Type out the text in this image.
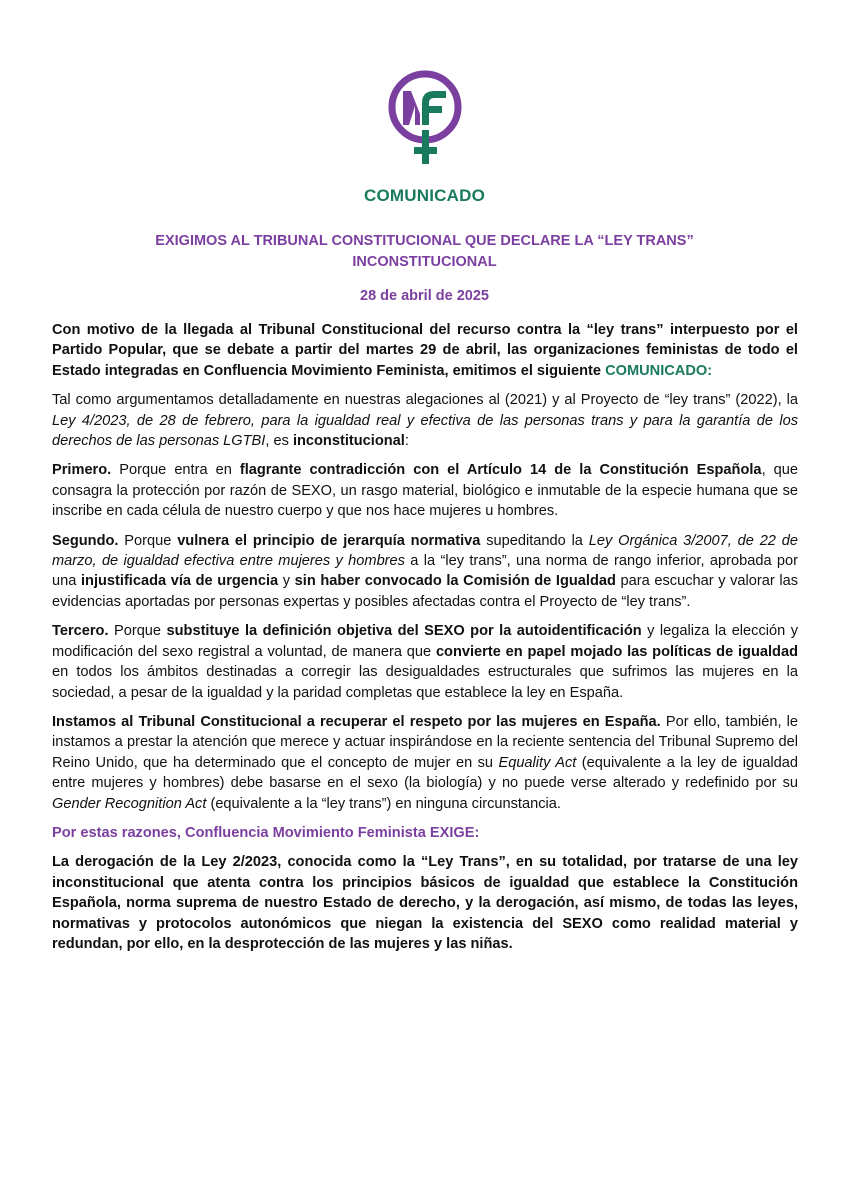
COMUNICADO
EXIGIMOS AL TRIBUNAL CONSTITUCIONAL QUE DECLARE LA “LEY TRANS”
INCONSTITUCIONAL
28 de abril de 2025

Con motivo de la llegada al Tribunal Constitucional del recurso contra la “ley trans” interpuesto por el Partido Popular, que se debate a partir del martes 29 de abril, las organizaciones feministas de todo el Estado integradas en Confluencia Movimiento Feminista, emitimos el siguiente COMUNICADO:

Tal como argumentamos detalladamente en nuestras alegaciones al (2021) y al Proyecto de “ley trans” (2022), la Ley 4/2023, de 28 de febrero, para la igualdad real y efectiva de las personas trans y para la garantía de los derechos de las personas LGTBI, es inconstitucional:

Primero. Porque entra en flagrante contradicción con el Artículo 14 de la Constitución Española, que consagra la protección por razón de SEXO, un rasgo material, biológico e inmutable de la especie humana que se inscribe en cada célula de nuestro cuerpo y que nos hace mujeres u hombres.

Segundo. Porque vulnera el principio de jerarquía normativa supeditando la Ley Orgánica 3/2007, de 22 de marzo, de igualdad efectiva entre mujeres y hombres a la “ley trans”, una norma de rango inferior, aprobada por una injustificada vía de urgencia y sin haber convocado la Comisión de Igualdad para escuchar y valorar las evidencias aportadas por personas expertas y posibles afectadas contra el Proyecto de “ley trans”.

Tercero. Porque substituye la definición objetiva del SEXO por la autoidentificación y legaliza la elección y modificación del sexo registral a voluntad, de manera que convierte en papel mojado las políticas de igualdad en todos los ámbitos destinadas a corregir las desigualdades estructurales que sufrimos las mujeres en la sociedad, a pesar de la igualdad y la paridad completas que establece la ley en España.

Instamos al Tribunal Constitucional a recuperar el respeto por las mujeres en España. Por ello, también, le instamos a prestar la atención que merece y actuar inspirándose en la reciente sentencia del Tribunal Supremo del Reino Unido, que ha determinado que el concepto de mujer en su Equality Act (equivalente a la ley de igualdad entre mujeres y hombres) debe basarse en el sexo (la biología) y no puede verse alterado y redefinido por su Gender Recognition Act (equivalente a la “ley trans”) en ninguna circunstancia.

Por estas razones, Confluencia Movimiento Feminista EXIGE:

La derogación de la Ley 2/2023, conocida como la “Ley Trans”, en su totalidad, por tratarse de una ley inconstitucional que atenta contra los principios básicos de igualdad que establece la Constitución Española, norma suprema de nuestro Estado de derecho, y la derogación, así mismo, de todas las leyes, normativas y protocolos autonómicos que niegan la existencia del SEXO como realidad material y redundan, por ello, en la desprotección de las mujeres y las niñas.
